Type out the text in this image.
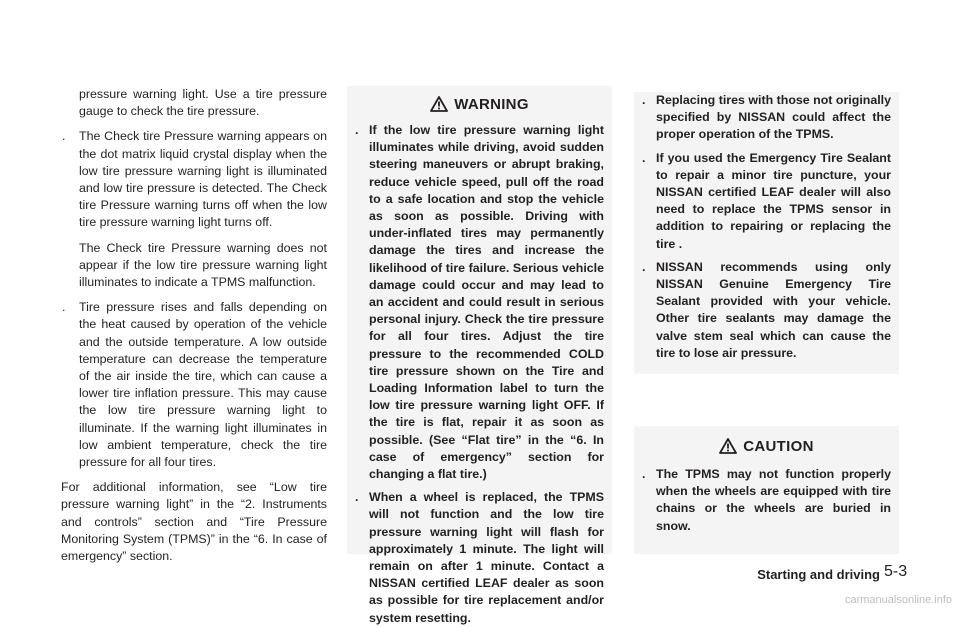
pressure warning light. Use a tire pressure gauge to check the tire pressure.

. The Check tire Pressure warning appears on the dot matrix liquid crystal display when the low tire pressure warning light is illuminated and low tire pressure is detected. The Check tire Pressure warning turns off when the low tire pressure warning light turns off.

The Check tire Pressure warning does not appear if the low tire pressure warning light illuminates to indicate a TPMS malfunction.

. Tire pressure rises and falls depending on the heat caused by operation of the vehicle and the outside temperature. A low outside temperature can decrease the temperature of the air inside the tire, which can cause a lower tire inflation pressure. This may cause the low tire pressure warning light to illuminate. If the warning light illuminates in low ambient temperature, check the tire pressure for all four tires.

For additional information, see “Low tire pressure warning light” in the “2. Instruments and controls” section and “Tire Pressure Monitoring System (TPMS)” in the “6. In case of emergency” section.

WARNING
. If the low tire pressure warning light illuminates while driving, avoid sudden steering maneuvers or abrupt braking, reduce vehicle speed, pull off the road to a safe location and stop the vehicle as soon as possible. Driving with under-inflated tires may permanently damage the tires and increase the likelihood of tire failure. Serious vehicle damage could occur and may lead to an accident and could result in serious personal injury. Check the tire pressure for all four tires. Adjust the tire pressure to the recommended COLD tire pressure shown on the Tire and Loading Information label to turn the low tire pressure warning light OFF. If the tire is flat, repair it as soon as possible. (See “Flat tire” in the “6. In case of emergency” section for changing a flat tire.)

. When a wheel is replaced, the TPMS will not function and the low tire pressure warning light will flash for approximately 1 minute. The light will remain on after 1 minute. Contact a NISSAN certified LEAF dealer as soon as possible for tire replacement and/or system resetting.

. Replacing tires with those not originally specified by NISSAN could affect the proper operation of the TPMS.

. If you used the Emergency Tire Sealant to repair a minor tire puncture, your NISSAN certified LEAF dealer will also need to replace the TPMS sensor in addition to repairing or replacing the tire .

. NISSAN recommends using only NISSAN Genuine Emergency Tire Sealant provided with your vehicle. Other tire sealants may damage the valve stem seal which can cause the tire to lose air pressure.

CAUTION
. The TPMS may not function properly when the wheels are equipped with tire chains or the wheels are buried in snow.

Starting and driving 5-3
carmanualsonline.info
